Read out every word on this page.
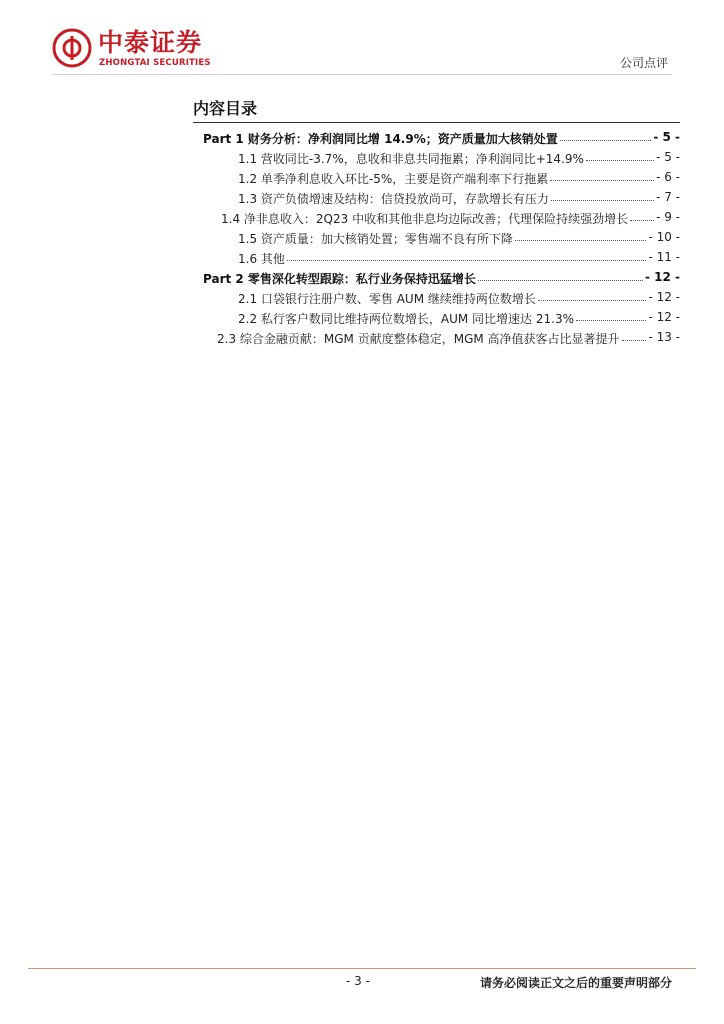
中泰证券
ZHONGTAI SECURITIES	公司点评
内容目录
Part 1 财务分析：净利润同比增 14.9%；资产质量加大核销处置	- 5 -
1.1 营收同比-3.7%，息收和非息共同拖累；净利润同比+14.9%	- 5 -
1.2 单季净利息收入环比-5%，主要是资产端利率下行拖累	- 6 -
1.3 资产负债增速及结构：信贷投放尚可，存款增长有压力	- 7 -
1.4 净非息收入：2Q23 中收和其他非息均边际改善；代理保险持续强劲增长 - 9 -
1.5 资产质量：加大核销处置；零售端不良有所下降	- 10 -
1.6 其他	- 11 -
Part 2 零售深化转型跟踪：私行业务保持迅猛增长	- 12 -
2.1 口袋银行注册户数、零售 AUM 继续维持两位数增长	- 12 -
2.2 私行客户数同比维持两位数增长，AUM 同比增速达 21.3%	- 12 -
2.3 综合金融贡献：MGM 贡献度整体稳定，MGM 高净值获客占比显著提升 - 13 -
- 3 -	请务必阅读正文之后的重要声明部分
